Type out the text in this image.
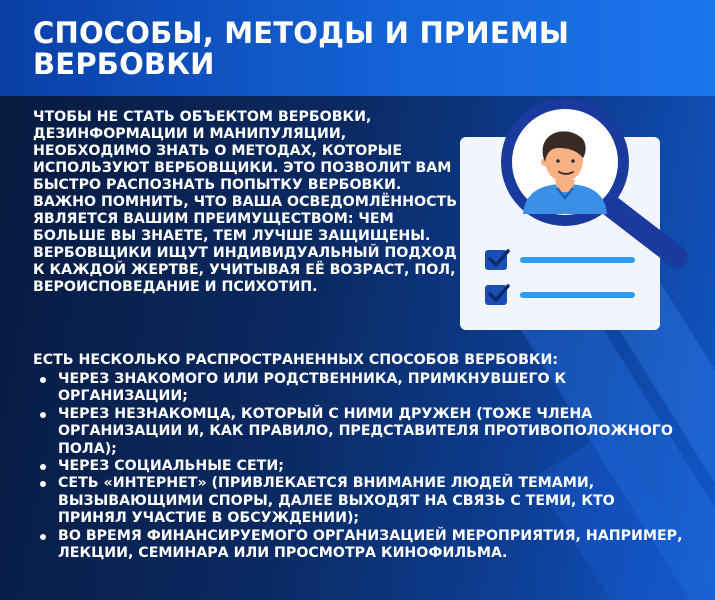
СПОСОБЫ, МЕТОДЫ И ПРИЕМЫ ВЕРБОВКИ

ЧТОБЫ НЕ СТАТЬ ОБЪЕКТОМ ВЕРБОВКИ, ДЕЗИНФОРМАЦИИ И МАНИПУЛЯЦИИ, НЕОБХОДИМО ЗНАТЬ О МЕТОДАХ, КОТОРЫЕ ИСПОЛЬЗУЮТ ВЕРБОВЩИКИ. ЭТО ПОЗВОЛИТ ВАМ БЫСТРО РАСПОЗНАТЬ ПОПЫТКУ ВЕРБОВКИ. ВАЖНО ПОМНИТЬ, ЧТО ВАША ОСВЕДОМЛЁННОСТЬ ЯВЛЯЕТСЯ ВАШИМ ПРЕИМУЩЕСТВОМ: ЧЕМ БОЛЬШЕ ВЫ ЗНАЕТЕ, ТЕМ ЛУЧШЕ ЗАЩИЩЕНЫ. ВЕРБОВЩИКИ ИЩУТ ИНДИВИДУАЛЬНЫЙ ПОДХОД К КАЖДОЙ ЖЕРТВЕ, УЧИТЫВАЯ ЕЁ ВОЗРАСТ, ПОЛ, ВЕРОИСПОВЕДАНИЕ И ПСИХОТИП.

ЕСТЬ НЕСКОЛЬКО РАСПРОСТРАНЕННЫХ СПОСОБОВ ВЕРБОВКИ:

ЧЕРЕЗ ЗНАКОМОГО ИЛИ РОДСТВЕННИКА, ПРИМКНУВШЕГО К ОРГАНИЗАЦИИ;
ЧЕРЕЗ НЕЗНАКОМЦА, КОТОРЫЙ С НИМИ ДРУЖЕН (ТОЖЕ ЧЛЕНА ОРГАНИЗАЦИИ И, КАК ПРАВИЛО, ПРЕДСТАВИТЕЛЯ ПРОТИВОПОЛОЖНОГО ПОЛА);
ЧЕРЕЗ СОЦИАЛЬНЫЕ СЕТИ;
СЕТЬ «ИНТЕРНЕТ» (ПРИВЛЕКАЕТСЯ ВНИМАНИЕ ЛЮДЕЙ ТЕМАМИ, ВЫЗЫВАЮЩИМИ СПОРЫ, ДАЛЕЕ ВЫХОДЯТ НА СВЯЗЬ С ТЕМИ, КТО ПРИНЯЛ УЧАСТИЕ В ОБСУЖДЕНИИ);
ВО ВРЕМЯ ФИНАНСИРУЕМОГО ОРГАНИЗАЦИЕЙ МЕРОПРИЯТИЯ, НАПРИМЕР, ЛЕКЦИИ, СЕМИНАРА ИЛИ ПРОСМОТРА КИНОФИЛЬМА.
